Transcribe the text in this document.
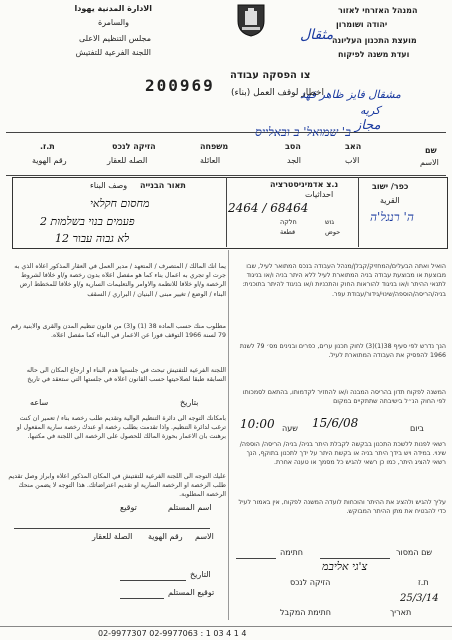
الادارة المدنية يهودا
والسامرة
مجلس التنظيم الاعلى
اللجنة الفرعية للتفتيش
המנהל האזרחי לאזור
יהודה ושומרון
מועצת התכנון העליונה
ועדת משנה לפיקוח
مثقال
مشقال فايز ظاهر فهد
كريه
مجاز
צו הפסקה עבודה
اخطار لوقف العمل (بناء)
200969
ב' שמואל' ב ובאלייס
שם
الاسم
האב
الاب
הסב
الجد
משפחה
العائلة
הזיקה לנכס
الصله للعقار
ת.ז.
رقم الهوية
כפר/ ישוב
القرية
ה' רנגל'ה
נ.צ אדמיניסטרציה
احداثيات
2464 / 68464
גוש
חלקה
حوض
قطعة
תאור הבנייה
وصف البناء
מחסום חקלאי
2 פעמים בנוי בשלמות
12 לא גבוה עבור
يما انك المالك / المتصرف / المتعهد / مدير العمل في العقار المذكور اعلاه الذي به جرت او تجري به اعمال بناء كما هو مفصل اعلاه بدون رخصة و/او خلافا لشروط الرخصة و/او خلافا للانظمة والاوامر والتعليمات السارية و/او خلافا للمخطط ارض البناء / الوضع / تغيير مبنى / البنيان / البراري / السقف
مطلوب منك حسب الماده 38 (1) و(3) من قانون تنظيم المدن والقرى والابنية رقم 79 لسنة 1966 التوقف فورا عن الاعمار في البناء كما مفصل اعلاه.
اللجنة الفرعية للتفتيش تبحث في جلستها هدم البناء او ارجاع المكان الى حاله السابقة طبقا لصلاحيتها حسب القانون اعلاه في جلستها التي ستعقد في تاريخ
بتاريخ
ساعه
بامكانك التوجه الى دائرة التنظيم الوالية وتقديم طلب رخصة بناء / تعمير ان كنت ترغب لدائرة التنظيم. واذا تقدمت بطلب رخصة او عندك رخصة سارية المفعول او برهنت بان الاعمار بحوزة المالك للحصول على الرخصة الى اللجنة في مكتبها.
عليك التوجه الى اللجنة الفرعية للتفتيش في المكان المذكور اعلاه وابراز وصل تقديم طلب الرخصة او الرخصة السارية او تقديم اعتراضاتك. هذا التوجه لا يضمن منحك الرخصة المطلوبة.
اسم المستلم
توقيع
الاسم
رقم الهوية
الصلة للعقار
التاريخ
توقيع المستلم
הואיל ואתה הבעלים/המחזיק/קבלן/מנהל העבודה בנכס המתואר לעיל, שבו מבוצעת או מבוצעת עבודה בניה המתוארת לעיל ללא היתר בניה ו/או בניגוד לתנאי ההיתר ו/או בניגוד להוראות החוק והתכניות ו/או בניגוד להיתר בתוכנית: בניה/הריסה/הוספה/שינוי/גידור/עבודת עפר.
הנך נדרש לפי סעיף 38(1)(3) לחוק תכנון ערים, כפרים ובנינים מס׳ 79 לשנת 1966 להפסיק את העבודה המתוארת לעיל.
המשנה לפקוח תדון בהריסה המבנה ו/או להחזיר לקדמותו, בהתאם לסמכותו לפי החוק הנ״ל בישיבתה שתתקיים במקום
ביום
15/6/08
שעה
10:00
רשאי לפנות ללשכת התכנון בבקשה לקבלת היתר בניה/ בניה/ הריסה/ הוספה/ שינוי. במידה ויש בידך היתר בניה או בקשת היתר על ידך לתכנון בתוקף, הנך רשאי להציג היתר, כמו כן רשאי להגיש כל מסמך או טענה אחרת.
עליך להגיש ולהציג את ההיתר והוכחות לועדה המשנה לפקוח, אין באמור לעיל כדי להבטיח את מתן ההיתר המבוקש.
שם המסור
צ'גי אליבמ
חתימה
ת.ז
הזיקה לנכס
תאריך
25/3/14
חתימת המקבל
02-9977307 02-9977063 : 1 03 4 1 4
